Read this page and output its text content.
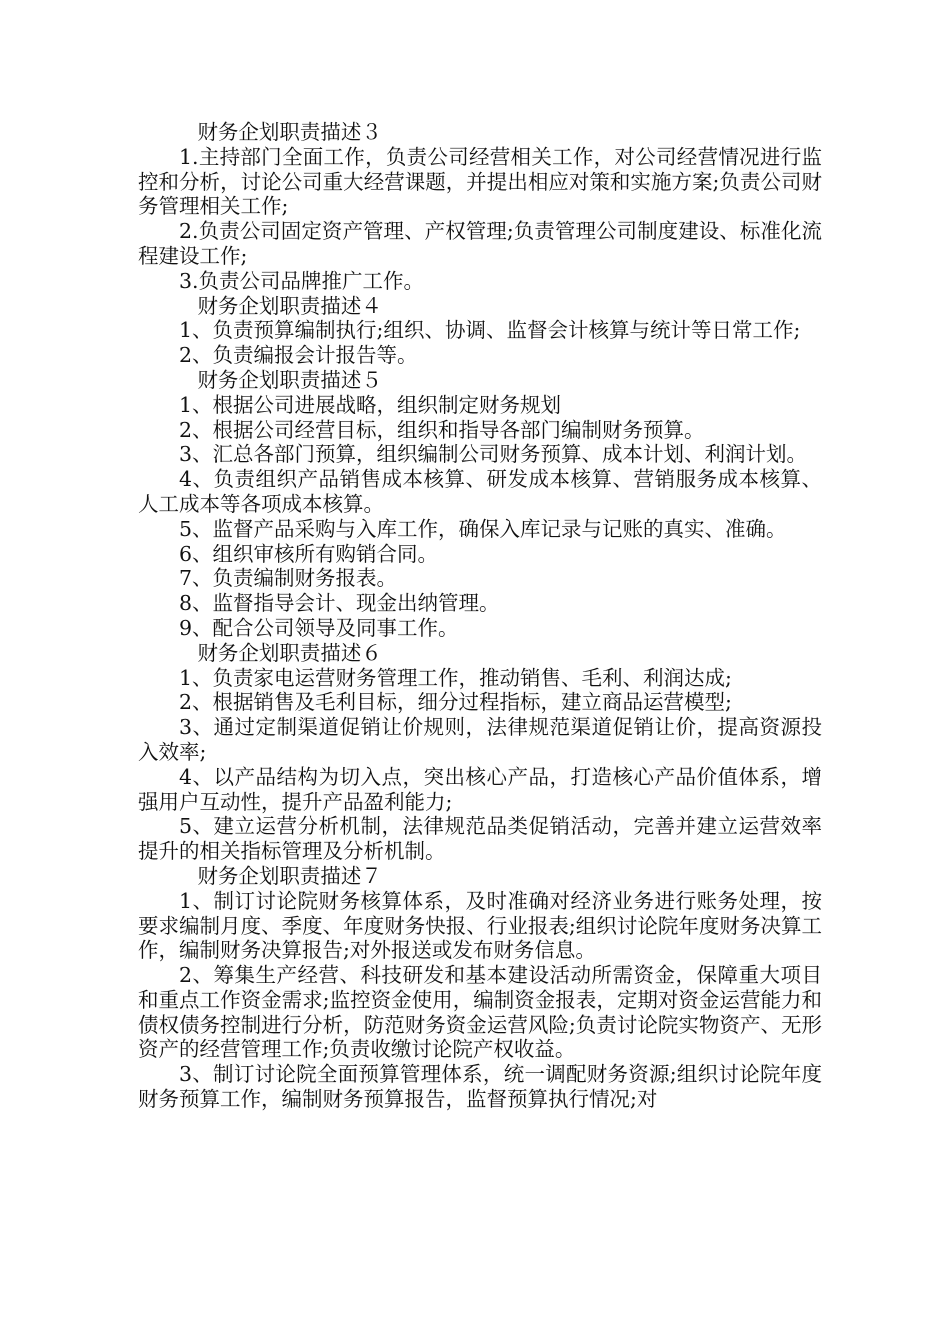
财务企划职责描述３

1.主持部门全面工作，负责公司经营相关工作，对公司经营情况进行监控和分析，讨论公司重大经营课题，并提出相应对策和实施方案;负责公司财务管理相关工作;

2.负责公司固定资产管理、产权管理;负责管理公司制度建设、标准化流程建设工作;

3.负责公司品牌推广工作。

财务企划职责描述４

1、负责预算编制执行;组织、协调、监督会计核算与统计等日常工作;

2、负责编报会计报告等。

财务企划职责描述５

1、根据公司进展战略，组织制定财务规划

2、根据公司经营目标，组织和指导各部门编制财务预算。

3、汇总各部门预算，组织编制公司财务预算、成本计划、利润计划。

4、负责组织产品销售成本核算、研发成本核算、营销服务成本核算、人工成本等各项成本核算。

5、监督产品采购与入库工作，确保入库记录与记账的真实、准确。

6、组织审核所有购销合同。

7、负责编制财务报表。

8、监督指导会计、现金出纳管理。

9、配合公司领导及同事工作。

财务企划职责描述６

1、负责家电运营财务管理工作，推动销售、毛利、利润达成;

2、根据销售及毛利目标，细分过程指标，建立商品运营模型;

3、通过定制渠道促销让价规则，法律规范渠道促销让价，提高资源投入效率;

4、以产品结构为切入点，突出核心产品，打造核心产品价值体系，增强用户互动性，提升产品盈利能力;

5、建立运营分析机制，法律规范品类促销活动，完善并建立运营效率提升的相关指标管理及分析机制。

财务企划职责描述７

1、制订讨论院财务核算体系，及时准确对经济业务进行账务处理，按要求编制月度、季度、年度财务快报、行业报表;组织讨论院年度财务决算工作，编制财务决算报告;对外报送或发布财务信息。

2、筹集生产经营、科技研发和基本建设活动所需资金，保障重大项目和重点工作资金需求;监控资金使用，编制资金报表，定期对资金运营能力和债权债务控制进行分析，防范财务资金运营风险;负责讨论院实物资产、无形资产的经营管理工作;负责收缴讨论院产权收益。

3、制订讨论院全面预算管理体系，统一调配财务资源;组织讨论院年度财务预算工作，编制财务预算报告，监督预算执行情况;对
